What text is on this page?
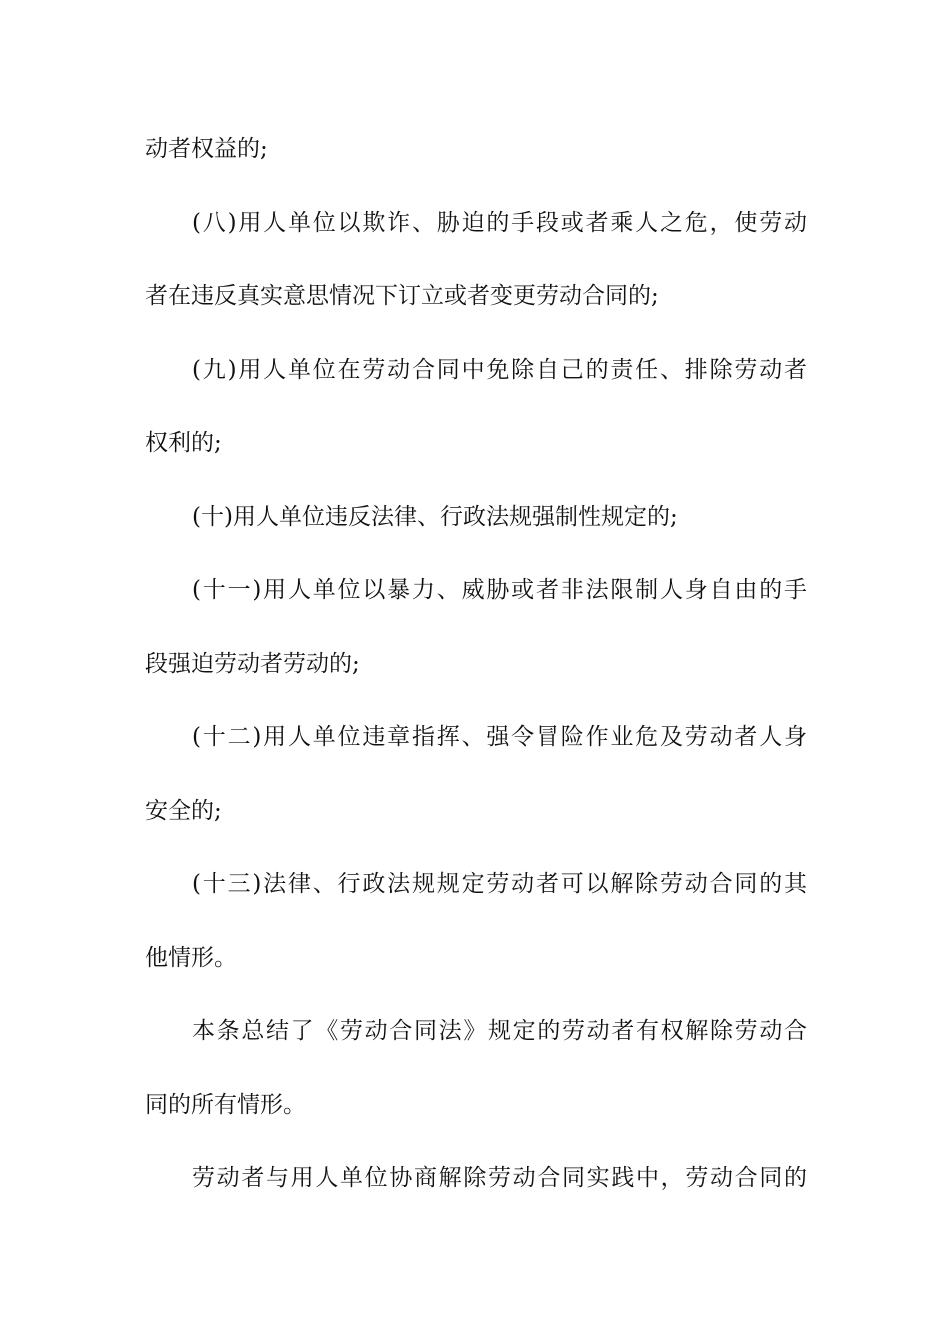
动者权益的;
(八)用人单位以欺诈、胁迫的手段或者乘人之危，使劳动
者在违反真实意思情况下订立或者变更劳动合同的;
(九)用人单位在劳动合同中免除自己的责任、排除劳动者
权利的;
(十)用人单位违反法律、行政法规强制性规定的;
(十一)用人单位以暴力、威胁或者非法限制人身自由的手
段强迫劳动者劳动的;
(十二)用人单位违章指挥、强令冒险作业危及劳动者人身
安全的;
(十三)法律、行政法规规定劳动者可以解除劳动合同的其
他情形。
本条总结了《劳动合同法》规定的劳动者有权解除劳动合
同的所有情形。
劳动者与用人单位协商解除劳动合同实践中，劳动合同的
